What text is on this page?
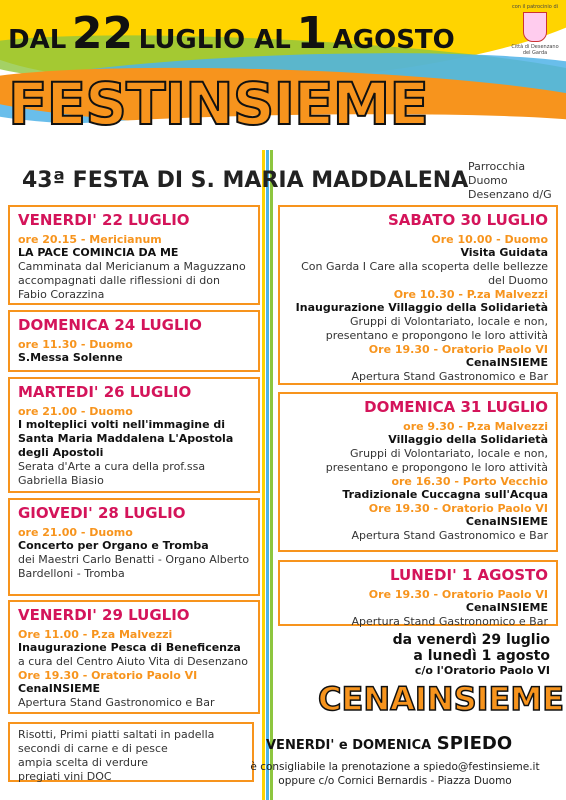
DAL 22 LUGLIO AL 1 AGOSTO
con il patrocinio di
Città di Desenzano del Garda
FESTINSIEME
43ª FESTA DI S. MARIA MADDALENA
Parrocchia
Duomo
Desenzano d/G
VENERDI' 22 LUGLIO
ore 20.15 - Mericianum
LA PACE COMINCIA DA ME
Camminata dal Mericianum a Maguzzano accompagnati dalle riflessioni di don Fabio Corazzina
DOMENICA 24 LUGLIO
ore 11.30 - Duomo
S.Messa Solenne
MARTEDI' 26 LUGLIO
ore 21.00 - Duomo
I molteplici volti nell'immagine di Santa Maria Maddalena L'Apostola degli Apostoli
Serata d'Arte a cura della prof.ssa Gabriella Biasio
GIOVEDI' 28 LUGLIO
ore 21.00 - Duomo
Concerto per Organo e Tromba
dei Maestri Carlo Benatti - Organo Alberto Bardelloni - Tromba
VENERDI' 29 LUGLIO
Ore 11.00 - P.za Malvezzi
Inaugurazione Pesca di Beneficenza
a cura del Centro Aiuto Vita di Desenzano
Ore 19.30 - Oratorio Paolo VI
CenaINSIEME
Apertura Stand Gastronomico e Bar
Risotti, Primi piatti saltati in padella
secondi di carne e di pesce
ampia scelta di verdure
pregiati vini DOC
SABATO 30 LUGLIO
Ore 10.00 - Duomo
Visita Guidata
Con Garda I Care alla scoperta delle bellezze del Duomo
Ore 10.30 - P.za Malvezzi
Inaugurazione Villaggio della Solidarietà
Gruppi di Volontariato, locale e non, presentano e propongono le loro attività
Ore 19.30 - Oratorio Paolo VI
CenaINSIEME
Apertura Stand Gastronomico e Bar
DOMENICA 31 LUGLIO
ore 9.30 - P.za Malvezzi
Villaggio della Solidarietà
Gruppi di Volontariato, locale e non, presentano e propongono le loro attività
ore 16.30 - Porto Vecchio
Tradizionale Cuccagna sull'Acqua
Ore 19.30 - Oratorio Paolo VI
CenaINSIEME
Apertura Stand Gastronomico e Bar
LUNEDI' 1 AGOSTO
Ore 19.30 - Oratorio Paolo VI
CenaINSIEME
Apertura Stand Gastronomico e Bar
da venerdì 29 luglio
a lunedì 1 agosto
c/o l'Oratorio Paolo VI
CENAINSIEME
VENERDI' e DOMENICA SPIEDO
è consigliabile la prenotazione a spiedo@festinsieme.it
oppure c/o Cornici Bernardis - Piazza Duomo
